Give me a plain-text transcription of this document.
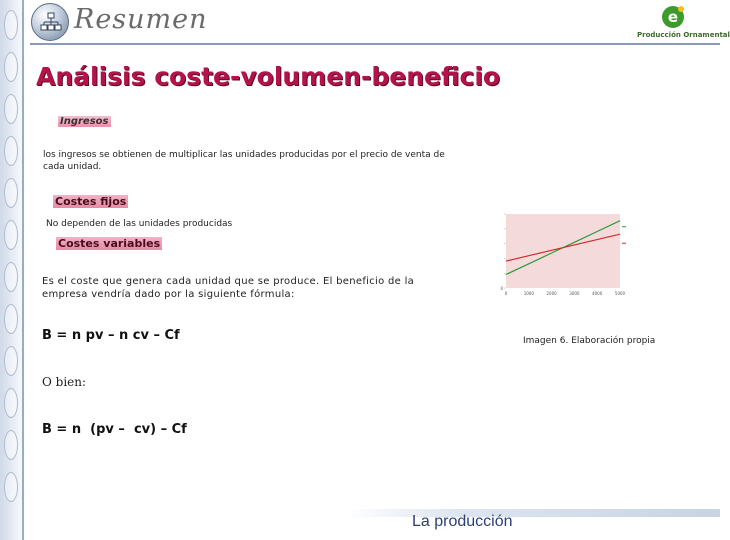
Resumen	e
Producción Ornamental
Análisis coste-volumen-beneficio
Ingresos
los ingresos se obtienen de multiplicar las unidades producidas por el precio de venta de cada unidad.
Costes fijos
No dependen de las unidades producidas
Costes variables
Es el coste que genera cada unidad que se produce. El beneficio de la empresa vendría dado por la siguiente fórmula:
B = n pv – n cv – Cf
O bien:
B = n  (pv –  cv) – Cf
0
0	1000	2000	3000	4000	5000
Imagen 6. Elaboración propia
La producción
